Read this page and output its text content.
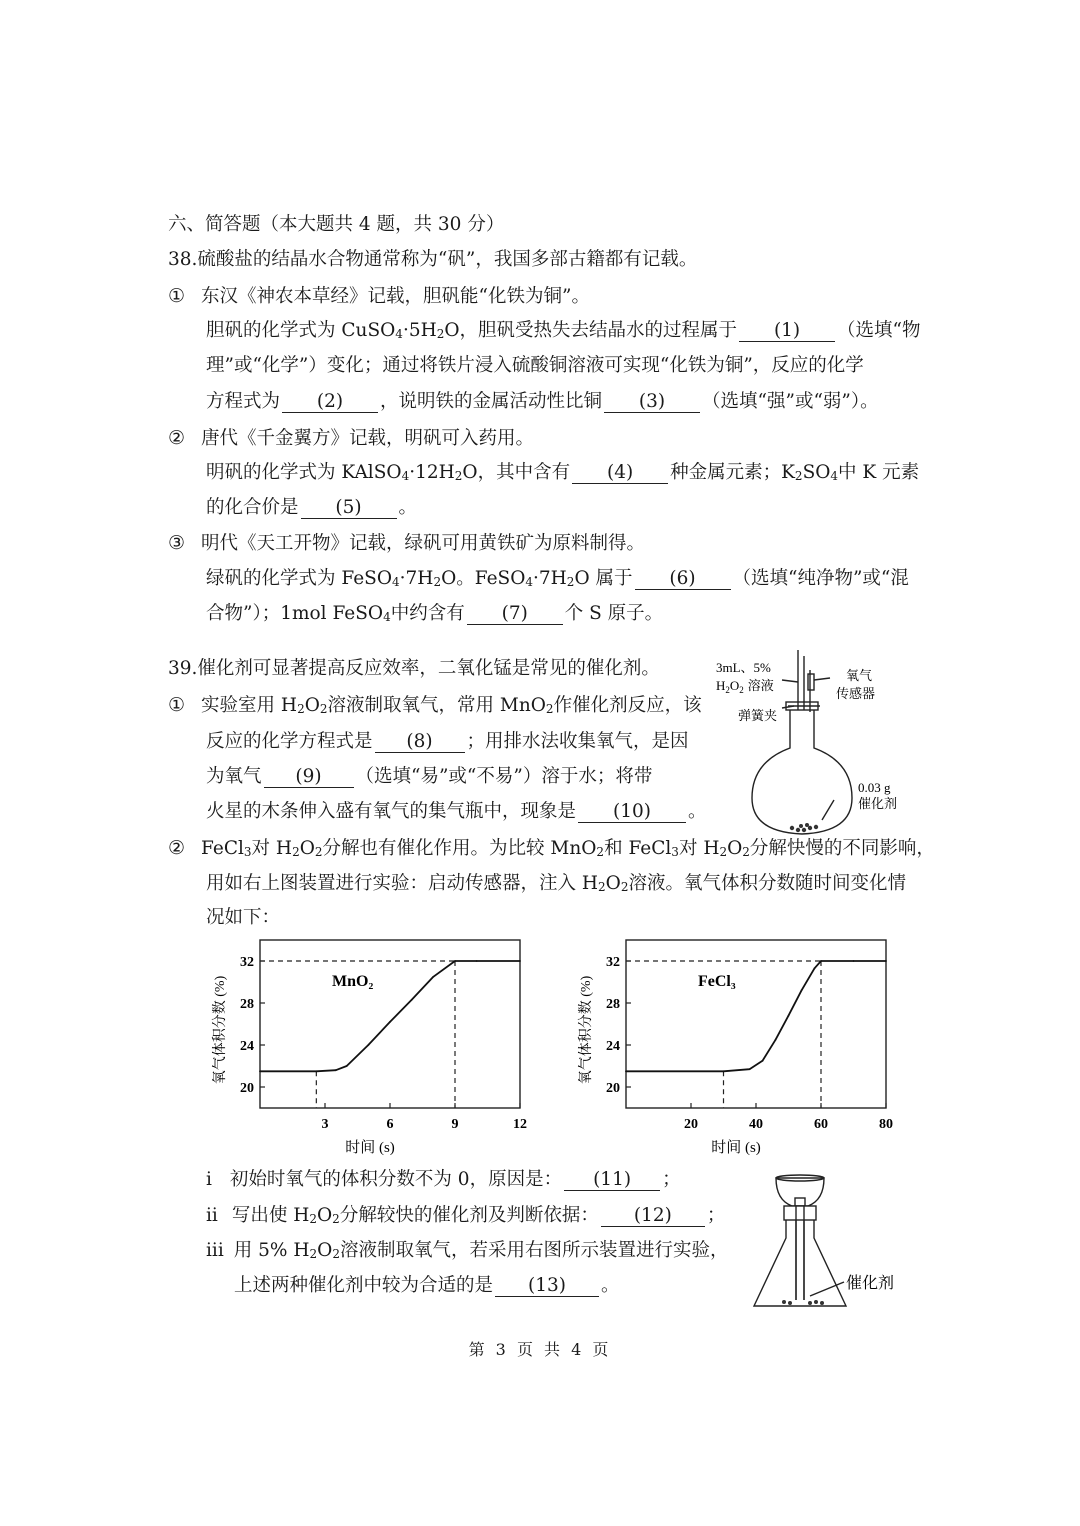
六、简答题（本大题共 4 题，共 30 分）
38.硫酸盐的结晶水合物通常称为“矾”，我国多部古籍都有记载。
① 东汉《神农本草经》记载，胆矾能“化铁为铜”。
胆矾的化学式为 $CuSO_4\cdot 5H_2O$，胆矾受热失去结晶水的过程属于 (1) （选填“物
理”或“化学”）变化；通过将铁片浸入硫酸铜溶液可实现“化铁为铜”，反应的化学
方程式为 (2) ，说明铁的金属活动性比铜 (3) （选填“强”或“弱”）。
② 唐代《千金翼方》记载，明矾可入药用。
明矾的化学式为 $KAlSO_4\cdot 12H_2O$，其中含有 (4) 种金属元素；$K_2SO_4$中 K 元素
的化合价是 (5) 。
③ 明代《天工开物》记载，绿矾可用黄铁矿为原料制得。
绿矾的化学式为 $FeSO_4\cdot 7H_2O$。$FeSO_4\cdot 7H_2O$ 属于 (6) （选填“纯净物”或“混
合物”）；1mol FeSO$_4$中约含有 (7) 个 S 原子。
39.催化剂可显著提高反应效率，二氧化锰是常见的催化剂。
① 实验室用 $H_2O_2$溶液制取氧气，常用 MnO$_2$作催化剂反应，该
反应的化学方程式是 (8) ；用排水法收集氧气，是因
为氧气 (9) （选填“易”或“不易”）溶于水；将带
火星的木条伸入盛有氧气的集气瓶中，现象是 (10) 。
3mL、5%
$H_2O_2$ 溶液
弹簧夹
氧气
传感器
0.03 g
催化剂
② FeCl$_3$对 $H_2O_2$分解也有催化作用。为比较 MnO$_2$和 FeCl$_3$对 $H_2O_2$分解快慢的不同影响，
用如右上图装置进行实验：启动传感器，注入 $H_2O_2$溶液。氧气体积分数随时间变化情
况如下：
20
24
28
32
3	6	9	12
MnO₂
时间 (s)
氧气体积分数 (%)
20
24
28
32
20	40	60	80
FeCl₃
时间 (s)
氧气体积分数 (%)
i 初始时氧气的体积分数不为 0，原因是： (11) ；
ii 写出使 $H_2O_2$分解较快的催化剂及判断依据： (12) ；
iii 用 5% $H_2O_2$溶液制取氧气，若采用右图所示装置进行实验，
上述两种催化剂中较为合适的是 (13) 。	催化剂
第 3 页 共 4 页
